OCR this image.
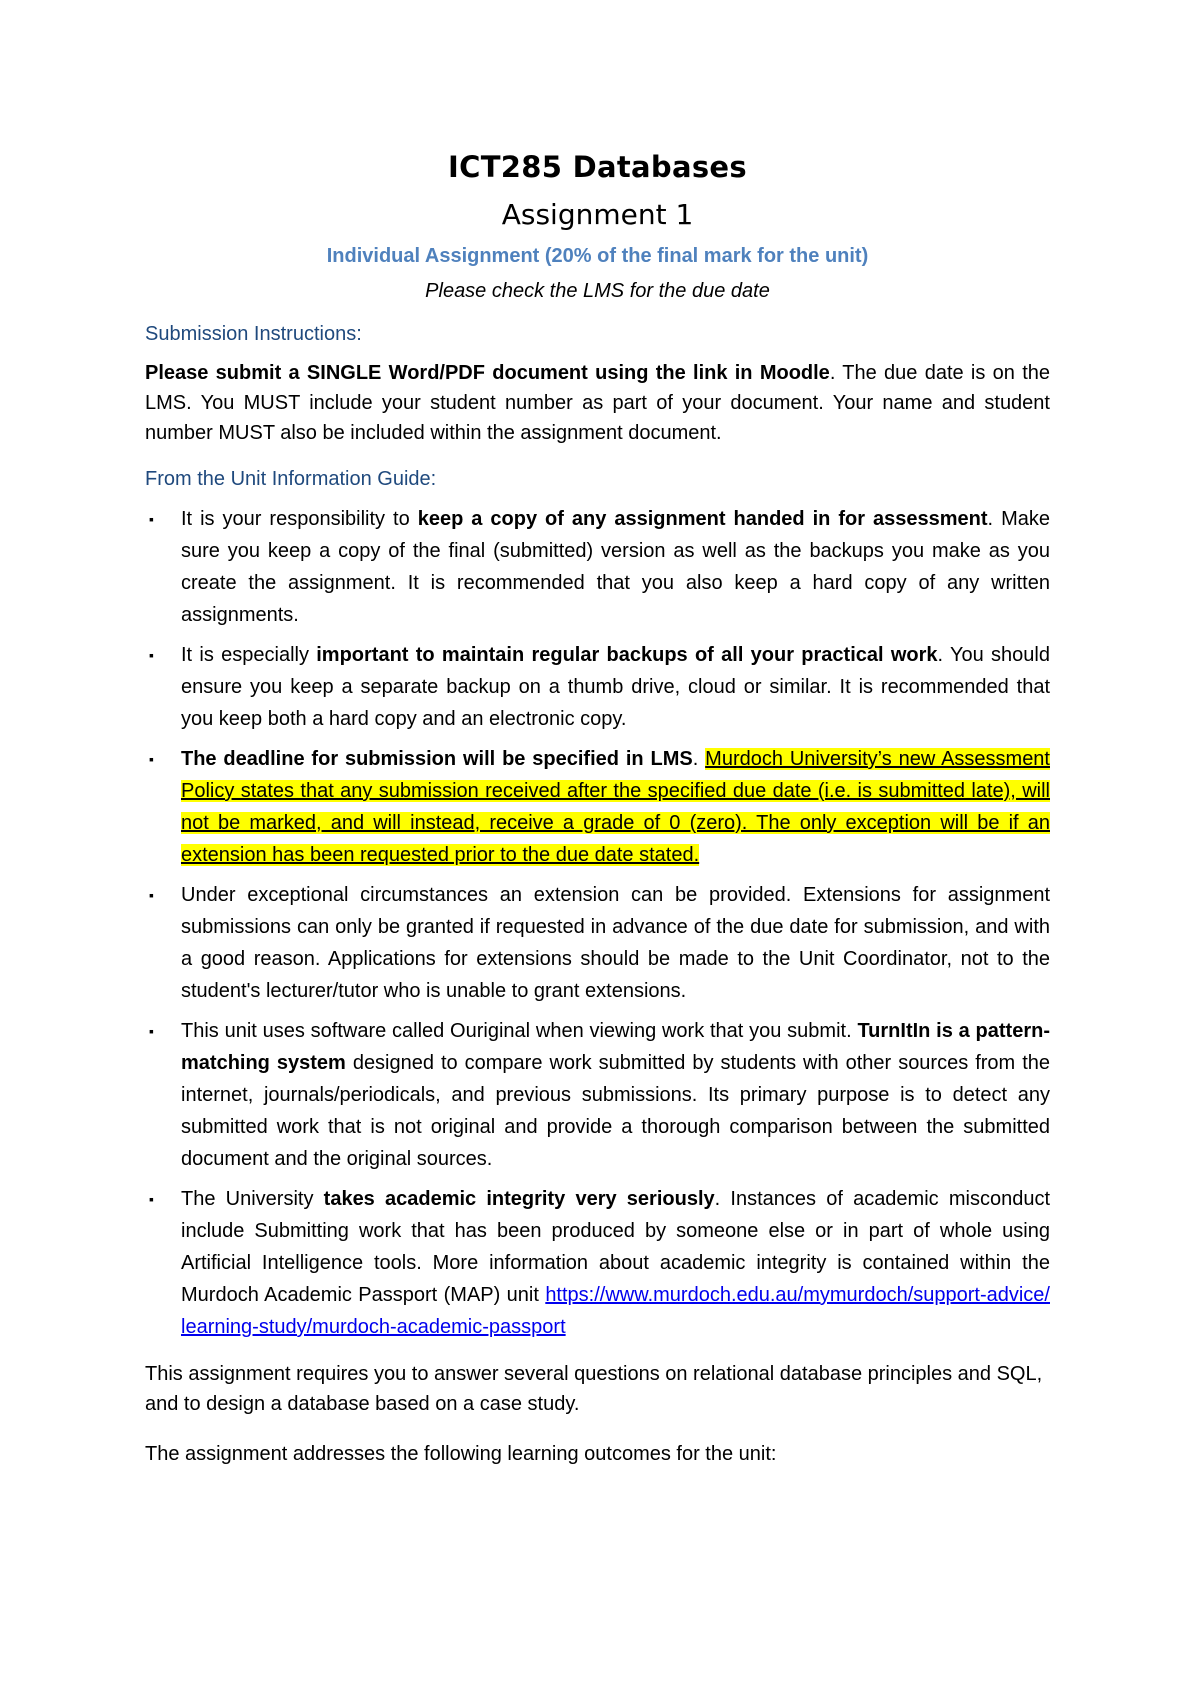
ICT285 Databases
Assignment 1
Individual Assignment (20% of the final mark for the unit)
Please check the LMS for the due date
Submission Instructions:

Please submit a SINGLE Word/PDF document using the link in Moodle. The due date is on the LMS. You MUST include your student number as part of your document. Your name and student number MUST also be included within the assignment document.

From the Unit Information Guide:
▪ It is your responsibility to keep a copy of any assignment handed in for assessment. Make sure you keep a copy of the final (submitted) version as well as the backups you make as you create the assignment. It is recommended that you also keep a hard copy of any written assignments.
▪ It is especially important to maintain regular backups of all your practical work. You should ensure you keep a separate backup on a thumb drive, cloud or similar. It is recommended that you keep both a hard copy and an electronic copy.
▪ The deadline for submission will be specified in LMS. Murdoch University’s new Assessment Policy states that any submission received after the specified due date (i.e. is submitted late), will not be marked, and will instead, receive a grade of 0 (zero). The only exception will be if an extension has been requested prior to the due date stated.
▪ Under exceptional circumstances an extension can be provided. Extensions for assignment submissions can only be granted if requested in advance of the due date for submission, and with a good reason. Applications for extensions should be made to the Unit Coordinator, not to the student's lecturer/tutor who is unable to grant extensions.
▪ This unit uses software called Ouriginal when viewing work that you submit. TurnItIn is a pattern-matching system designed to compare work submitted by students with other sources from the internet, journals/periodicals, and previous submissions. Its primary purpose is to detect any submitted work that is not original and provide a thorough comparison between the submitted document and the original sources.
▪ The University takes academic integrity very seriously. Instances of academic misconduct include Submitting work that has been produced by someone else or in part of whole using Artificial Intelligence tools. More information about academic integrity is contained within the Murdoch Academic Passport (MAP) unit https://www.murdoch.edu.au/mymurdoch/support-advice/learning-study/murdoch-academic-passport

This assignment requires you to answer several questions on relational database principles and SQL, and to design a database based on a case study.

The assignment addresses the following learning outcomes for the unit:
